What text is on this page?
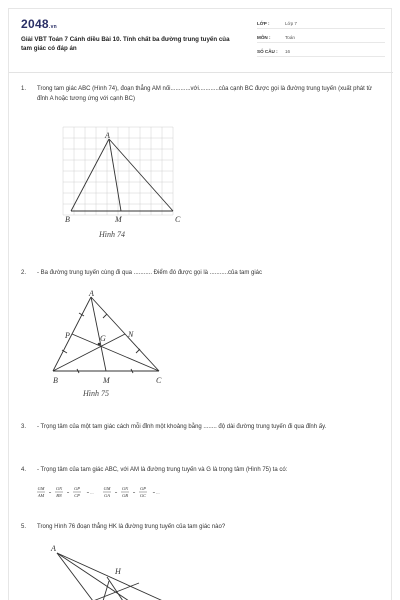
2048.vn
Giải VBT Toán 7 Cánh diều Bài 10. Tính chất ba đường trung tuyến của tam giác có đáp án
LỚP :	Lớp 7
MÔN :	Toán
SỐ CÂU : 16
1. Trong tam giác ABC (Hình 74), đoạn thẳng AM nối............với............của cạnh BC được gọi là đường trung tuyến (xuất phát từ đỉnh A hoặc tương ứng với cạnh BC)
A
B	C
M
Hình 74
2. - Ba đường trung tuyến cùng đi qua ........... Điểm đó được gọi là ...........của tam giác
A
B	C
M
N
P	G
Hình 75
3. - Trọng tâm của một tam giác cách mỗi đỉnh một khoảng bằng ........ độ dài đường trung tuyến đi qua đỉnh ấy.
4. - Trọng tâm của tam giác ABC, với AM là đường trung tuyến và G là trọng tâm (Hình 75) ta có:
GM
AM
=
GN
BN
=
GP
CP
= ...
GM
GA
=
GN
GB
=
GP
GC
= ...
5. Trong Hình 76 đoạn thẳng HK là đường trung tuyến của tam giác nào?
A
H
